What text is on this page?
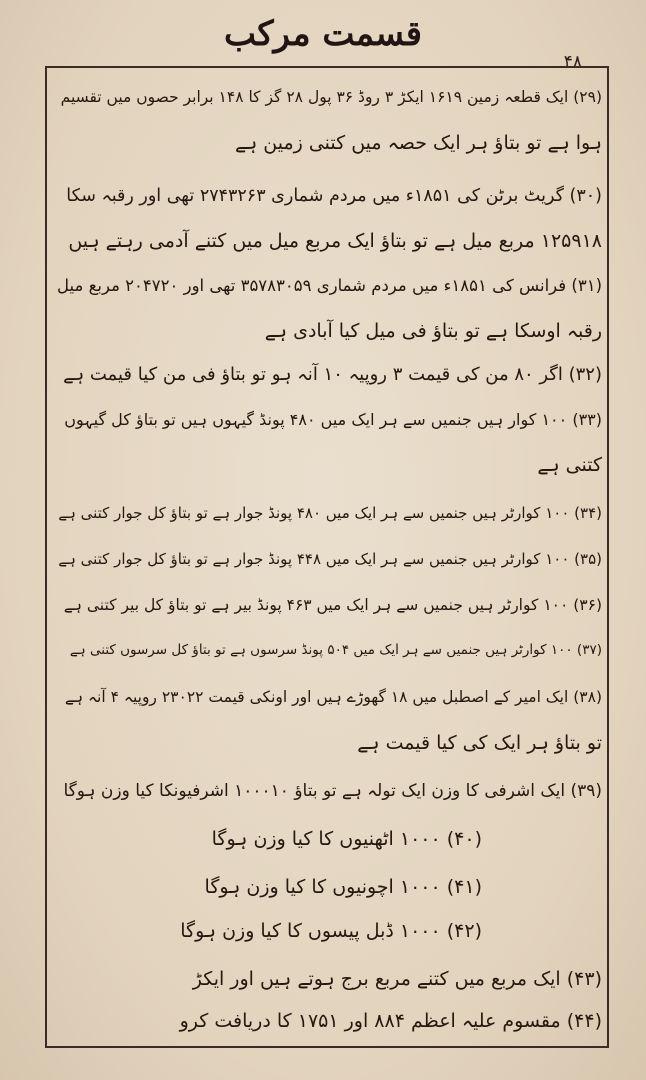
قسمت مرکب
۴۸
(۲۹) ایک قطعہ زمین ۱۶۱۹ ایکڑ ۳ روڈ ۳۶ پول ۲۸ گز کا ۱۴۸ برابر حصوں میں تقسیم
ہوا ہے تو بتاؤ ہر ایک حصہ میں کتنی زمین ہے
(۳۰) گریٹ برٹن کی ۱۸۵۱ء میں مردم شماری ۲۷۴۳۲۶۳ تھی اور رقبہ سکا
۱۲۵۹۱۸ مربع میل ہے تو بتاؤ ایک مربع میل میں کتنے آدمی رہتے ہیں
(۳۱) فرانس کی ۱۸۵۱ء میں مردم شماری ۳۵۷۸۳۰۵۹ تھی اور ۲۰۴۷۲۰ مربع میل
رقبہ اوسکا ہے تو بتاؤ فی میل کیا آبادی ہے
(۳۲) اگر ۸۰ من کی قیمت ۳ روپیہ ۱۰ آنہ ہو تو بتاؤ فی من کیا قیمت ہے
(۳۳) ۱۰۰ کوار ہیں جنمیں سے ہر ایک میں ۴۸۰ پونڈ گیہوں ہیں تو بتاؤ کل گیہوں
کتنی ہے
(۳۴) ۱۰۰ کوارٹر ہیں جنمیں سے ہر ایک میں ۴۸۰ پونڈ جوار ہے تو بتاؤ کل جوار کتنی ہے
(۳۵) ۱۰۰ کوارٹر ہیں جنمیں سے ہر ایک میں ۴۴۸ پونڈ جوار ہے تو بتاؤ کل جوار کتنی ہے
(۳۶) ۱۰۰ کوارٹر ہیں جنمیں سے ہر ایک میں ۴۶۳ پونڈ بیر ہے تو بتاؤ کل بیر کتنی ہے
(۳۷) ۱۰۰ کوارٹر ہیں جنمیں سے ہر ایک میں ۵۰۴ پونڈ سرسوں ہے تو بتاؤ کل سرسوں کتنی ہے
(۳۸) ایک امیر کے اصطبل میں ۱۸ گھوڑے ہیں اور اونکی قیمت ۲۳۰۲۲ روپیہ ۴ آنہ ہے
تو بتاؤ ہر ایک کی کیا قیمت ہے
(۳۹) ایک اشرفی کا وزن ایک تولہ ہے تو بتاؤ ۱۰۰۰۱۰ اشرفیونکا کیا وزن ہوگا
(۴۰) ۱۰۰۰ اٹھنیوں کا کیا وزن ہوگا
(۴۱) ۱۰۰۰ اچونیوں کا کیا وزن ہوگا
(۴۲) ۱۰۰۰ ڈبل پیسوں کا کیا وزن ہوگا
(۴۳) ایک مربع میں کتنے مربع برج ہوتے ہیں اور ایکڑ
(۴۴) مقسوم علیہ اعظم ۸۸۴ اور ۱۷۵۱ کا دریافت کرو
